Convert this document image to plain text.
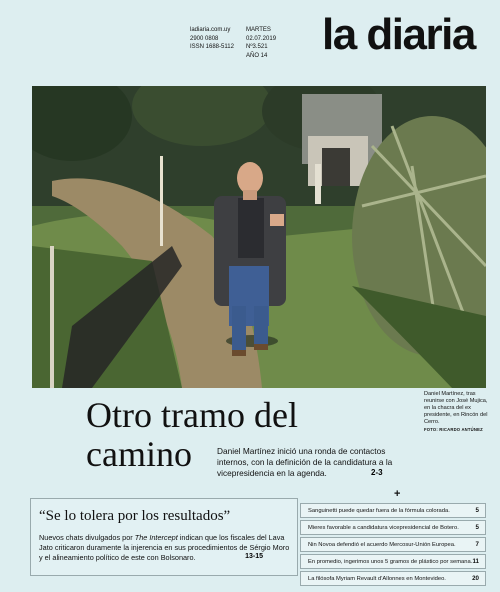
ladiaria.com.uy
2900 0808
ISSN 1688-5112
MARTES
02.07.2019
Nº3.521
AÑO 14 la diaria
Daniel Martínez, tras reunirse con José Mujica, en la chacra del ex presidente, en Rincón del Cerro.
FOTO: RICARDO ANTÚNEZ
Otro tramo del
camino	Daniel Martínez inició una ronda de contactos internos, con la definición de la candidatura a la vicepresidencia en la agenda.	2-3
“Se lo tolera por los resultados”
Nuevos chats divulgados por The Intercept indican que los fiscales del Lava Jato criticaron duramente la injerencia en sus procedimientos de Sérgio Moro y el alineamiento político de este con Bolsonaro.	13-15
+
Sanguinetti puede quedar fuera de la fórmula colorada.	5
Mieres favorable a candidatura vicepresidencial de Botero.	5
Nin Novoa defendió el acuerdo Mercosur-Unión Europea.	7
En promedio, ingerimos unos 5 gramos de plástico por semana. 11
La filósofa Myriam Revault d’Allonnes en Montevideo.	20
